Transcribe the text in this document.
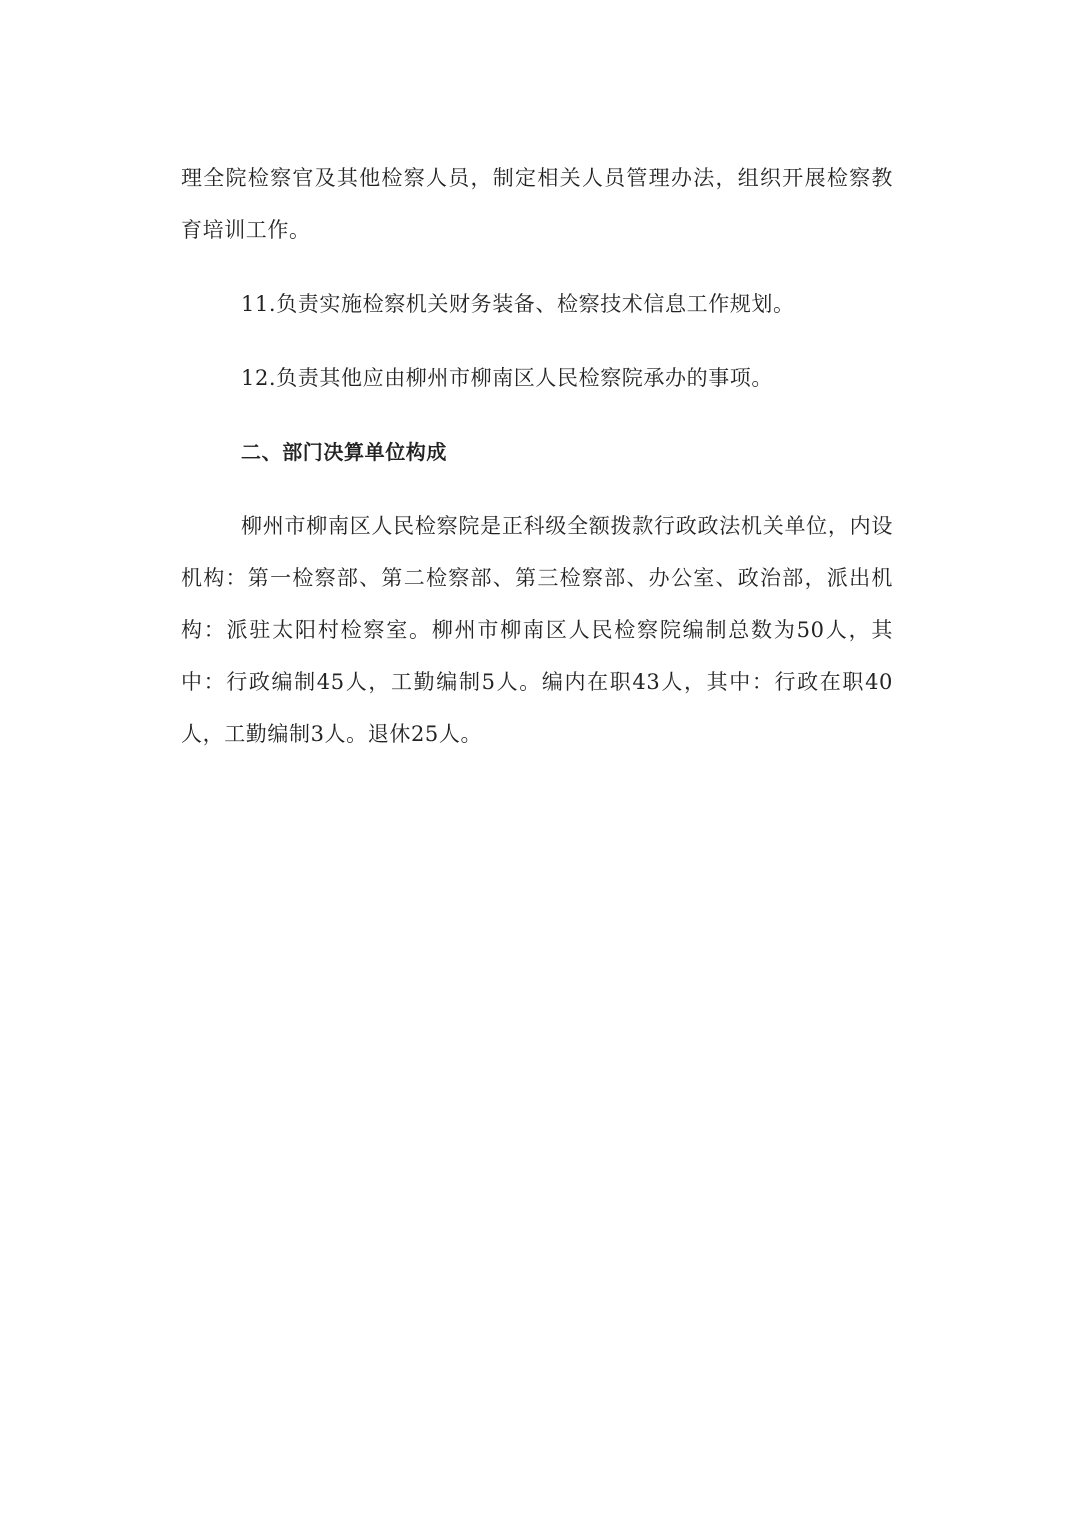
理全院检察官及其他检察人员，制定相关人员管理办法，组织开展检察教育培训工作。

11.负责实施检察机关财务装备、检察技术信息工作规划。

12.负责其他应由柳州市柳南区人民检察院承办的事项。

二、部门决算单位构成

柳州市柳南区人民检察院是正科级全额拨款行政政法机关单位，内设机构：第一检察部、第二检察部、第三检察部、办公室、政治部，派出机构：派驻太阳村检察室。柳州市柳南区人民检察院编制总数为50人，其中：行政编制45人，工勤编制5人。编内在职43人，其中：行政在职40人，工勤编制3人。退休25人。
